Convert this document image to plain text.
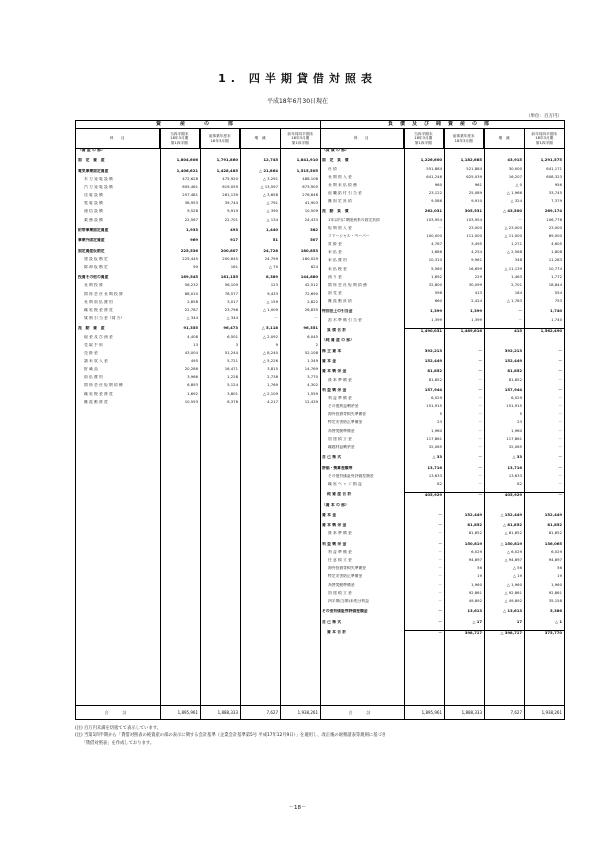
1. 四半期貸借対照表
平成18年6月30日現在
（単位：百万円）
資　産　の　部
科　　目
当四半期末
18年3月期
第1四半期
前事業年度末
18年3月期
増　減
前年同四半期末
18年3月期
第1四半期
（資 産 の 部）
固　定　資　産	1,804,606	1,791,860	12,745	1,841,910
電気事業固定資産	1,406,621	1,428,485	△ 21,864	1,515,505
水 力 発 電 設 備	472,628	475,920	△ 3,291	488,108
汽 力 発 電 設 備	605,461	619,059	△ 13,597	673,905
送 電 設 備	257,481	261,139	△ 3,658	276,646
変 電 設 備	38,953	39,744	△ 791	41,903
通 信 設 備	9,528	9,919	△ 390	10,509
業 務 設 備	22,567	22,701	△ 134	24,433
附帯事業固定資産	1,933	493	1,440	382
事業外固定資産	969	917	51	507
固定資産仮勘定	225,536	200,807	24,728	180,853
建 設 仮 勘 定	225,445	200,645	24,799	180,029
除 却 仮 勘 定	90	161	△ 70	624
投資その他の資産	169,545	161,155	8,389	144,880
長 期 投 資	56,232	56,109	123	42,512
関 係 会 社 長 期 投 資	88,010	78,577	9,433	72,690
長 期 前 払 費 用	2,858	3,017	△ 159	2,822
繰 延 税 金 資 産	22,787	23,796	△ 1,009	26,835
貸 倒 引 当 金（貸 方）	△ 344	△ 344	－	－
流　動　資　産	91,355	96,473	△ 5,118	96,351
現 金 及 び 預 金	4,408	6,501	△ 2,092	6,045
受 取 手 形	13	3	9	2
売 掛 金	43,004	51,244	△ 8,240	52,108
諸 未 収 入 金	495	5,721	△ 5,226	1,349
貯 蔵 品	20,286	16,471	3,815	14,769
前 払 費 用	3,966	1,228	2,738	3,770
関 係 会 社 短 期 債 権	6,893	5,124	1,769	4,302
繰 延 税 金 資 産	1,692	3,801	△ 2,109	1,559
雑 流 動 資 産	10,593	6,376	4,217	12,439
合　計	1,895,961	1,888,333	7,627	1,938,261
負債及び純資産の部
科　　目
当四半期末
18年3月期
第1四半期
前事業年度末
18年3月期
増　減
前年同四半期末
18年3月期
第1四半期
（負 債 の 部）
固　定　負　債	1,226,600	1,182,685	43,915	1,291,575
社 債	551,884	521,884	30,000	641,171
長 期 借 入 金	641,246	625,039	16,207	608,323
長 期 未 払 債 務	960	961	△ 0	956
退 職 給 付 引 当 金	23,122	25,089	△ 1,966	33,745
雑 固 定 負 債	9,586	9,910	△ 324	7,379
流　動　負　債	262,031	305,531	△ 43,500	269,174
1年以内に期限到来の固定負債	103,954	103,954	－	106,776
短 期 借 入 金	－	23,000	△ 23,000	23,000
コマーシャル・ペーパー	100,000	111,000	△ 11,000	89,000
買 掛 金	4,767	3,495	1,271	4,605
未 払 金	1,686	4,254	△ 2,568	1,808
未 払 費 用	10,310	9,961	348	11,283
未 払 税 金	5,560	16,699	△ 11,139	10,774
預 り 金	1,692	229	1,463	1,772
関 係 会 社 短 期 債 務	32,800	30,099	2,701	18,844
前 受 金	598	413	184	554
雑 流 動 負 債	660	2,424	△ 1,763	753
特別法上の引当金	1,399	1,399	－	1,740
渇 水 準 備 引 当 金	1,399	1,399	－	1,740
負 債 合 計	1,490,031	1,489,616	415	1,562,490
（純 資 産 の 部）
株 主 資 本	392,213	－	392,213	－
資 本 金	152,449	－	152,449	－
資 本 剰 余 金	81,852	－	81,852	－
資 本 準 備 金	81,852	－	81,852	－
利 益 剰 余 金	157,944	－	157,944	－
利 益 準 備 金	6,029	－	6,029	－
その他利益剰余金	151,915	－	151,915	－
海外投資等損失準備金	5	－	5	－
特定災害防止準備金	23	－	23	－
為替変動準備金	1,960	－	1,960	－
別 途 積 立 金	117,861	－	117,861	－
繰越利益剰余金	32,065	－	32,065	－
自 己 株 式	△ 33	－	△ 33	－
評価・換算差額等	13,716	－	13,716	－
その他有価証券評価差額金	13,633	－	13,633	－
繰 延 ヘ ッ ジ 損 益	82	－	82	－
純 資 産 合 計	405,929	－	405,929	－
（資 本 の 部）
資 本 金	－	152,449	△ 152,449	152,449
資 本 剰 余 金	－	81,852	△ 81,852	81,852
資 本 準 備 金	－	81,852	△ 81,852	81,852
利 益 剰 余 金	－	150,819	△ 150,819	136,065
利 益 準 備 金	－	6,029	△ 6,029	6,029
任 意 積 立 金	－	94,897	△ 94,897	94,897
海外投資等損失準備金	－	56	△ 56	56
特定災害防止準備金	－	19	△ 19	19
為替変動準備金	－	1,960	△ 1,960	1,960
別 途 積 立 金	－	92,861	△ 92,861	92,861
四半期(当期)未処分利益	－	49,892	△ 49,892	35,158
その他有価証券評価差額金	－	13,613	△ 13,613	5,386
自 己 株 式	－	△ 17	17	△ 1
資 本 合 計	－	398,717	△ 398,717	375,770
合　計	1,895,961	1,888,333	7,627	1,938,261
(注) 百万円未満を切捨てて表示しています。
(注) 当第1四半期から「貸借対照表の純資産の部の表示に関する会計基準（企業会計基準第5号 平成17年12月9日）」を適用し、改正後の財務諸表等規則に基づき
　　「貸借対照表」を作成しております。
－18－
